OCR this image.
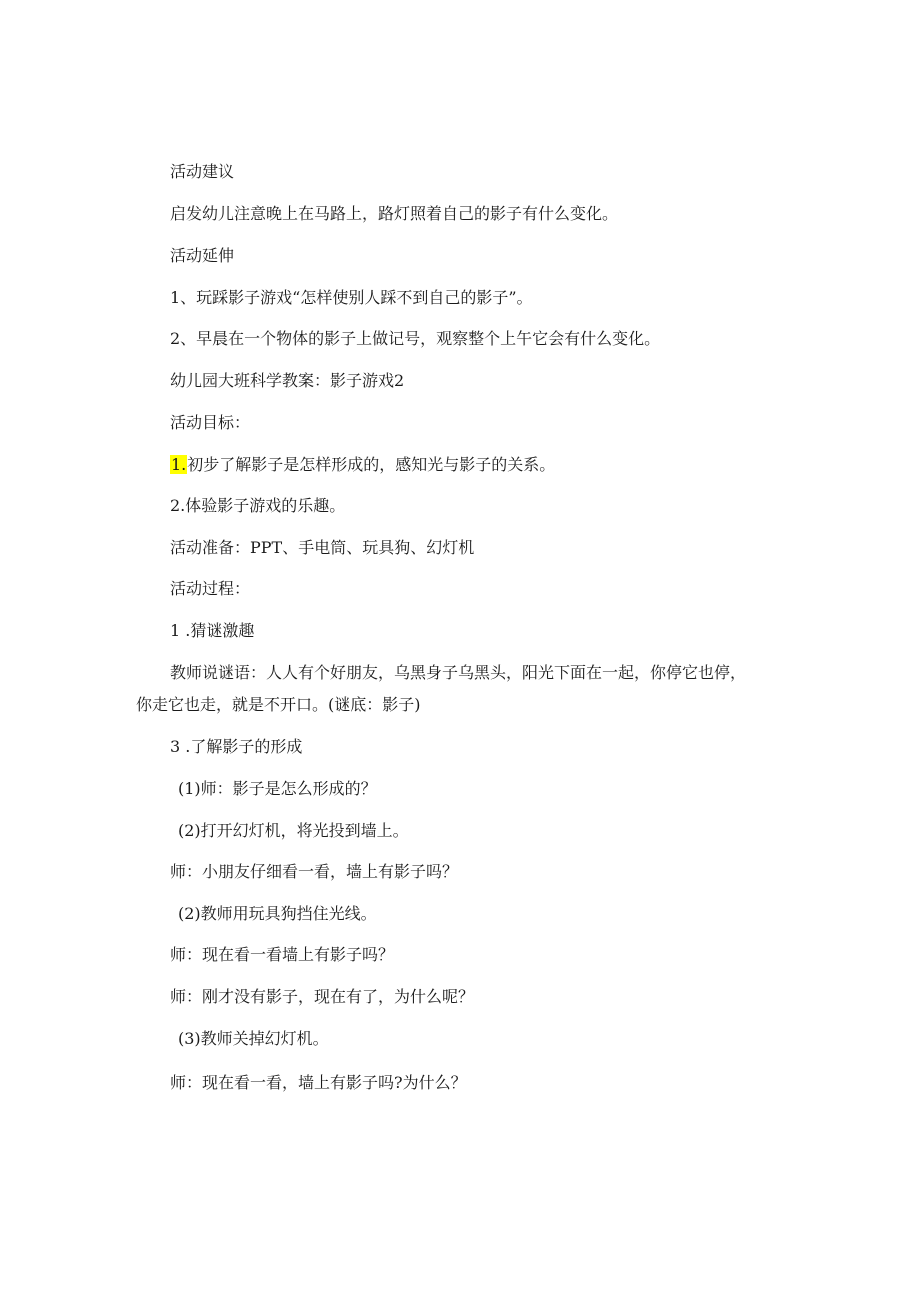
活动建议

启发幼儿注意晚上在马路上，路灯照着自己的影子有什么变化。

活动延伸

1、玩踩影子游戏“怎样使别人踩不到自己的影子”。

2、早晨在一个物体的影子上做记号，观察整个上午它会有什么变化。

幼儿园大班科学教案：影子游戏2

活动目标：

1.初步了解影子是怎样形成的，感知光与影子的关系。

2.体验影子游戏的乐趣。

活动准备：PPT、手电筒、玩具狗、幻灯机

活动过程：

1 .猜谜激趣

教师说谜语：人人有个好朋友，乌黑身子乌黑头，阳光下面在一起，你停它也停，

你走它也走，就是不开口。(谜底：影子)

3 .了解影子的形成

(1)师：影子是怎么形成的？

(2)打开幻灯机，将光投到墙上。

师：小朋友仔细看一看，墙上有影子吗？

(2)教师用玩具狗挡住光线。

师：现在看一看墙上有影子吗？

师：刚才没有影子，现在有了，为什么呢？

(3)教师关掉幻灯机。

师：现在看一看，墙上有影子吗?为什么？
